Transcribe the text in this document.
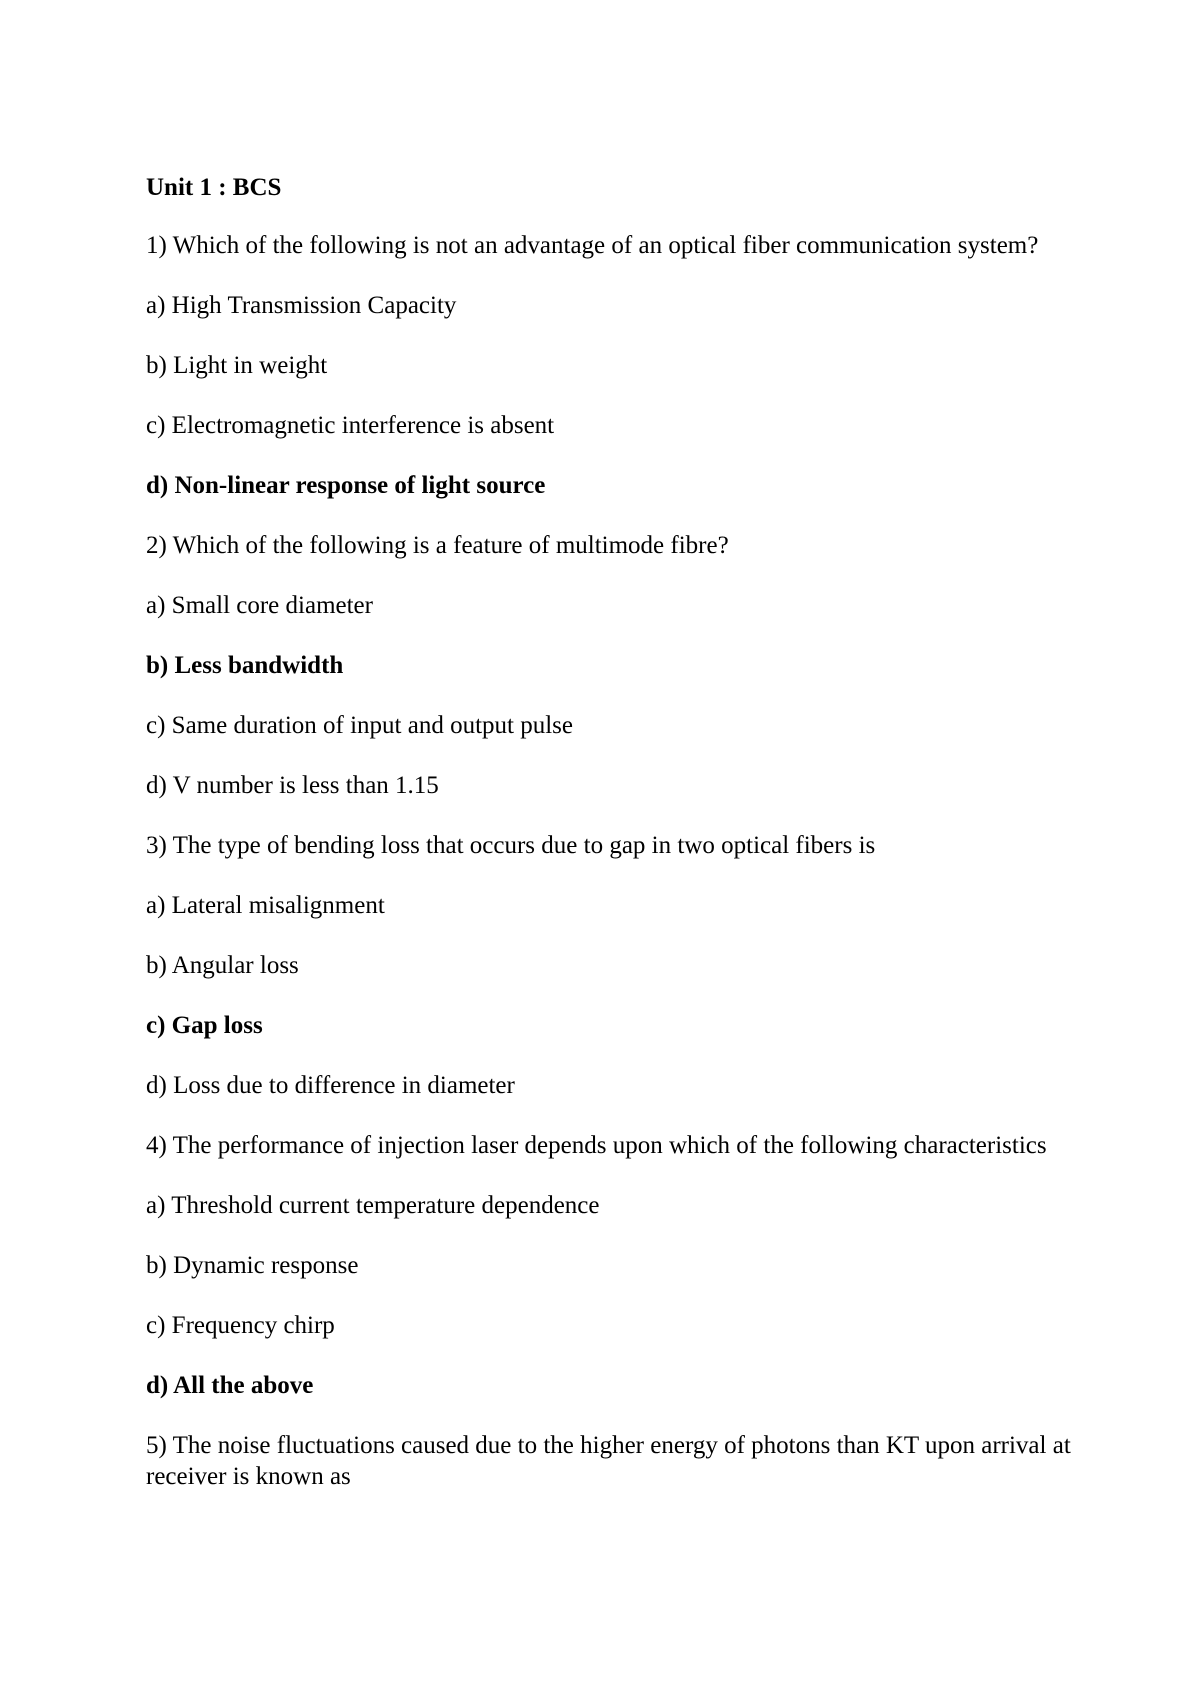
Unit 1 : BCS
1) Which of the following is not an advantage of an optical fiber communication system?
a) High Transmission Capacity
b) Light in weight
c) Electromagnetic interference is absent
d) Non-linear response of light source
2) Which of the following is a feature of multimode fibre?
a) Small core diameter
b) Less bandwidth
c) Same duration of input and output pulse
d) V number is less than 1.15
3) The type of bending loss that occurs due to gap in two optical fibers is
a) Lateral misalignment
b) Angular loss
c) Gap loss
d) Loss due to difference in diameter
4) The performance of injection laser depends upon which of the following characteristics
a) Threshold current temperature dependence
b) Dynamic response
c) Frequency chirp
d) All the above
5) The noise fluctuations caused due to the higher energy of photons than KT upon arrival at receiver is known as
